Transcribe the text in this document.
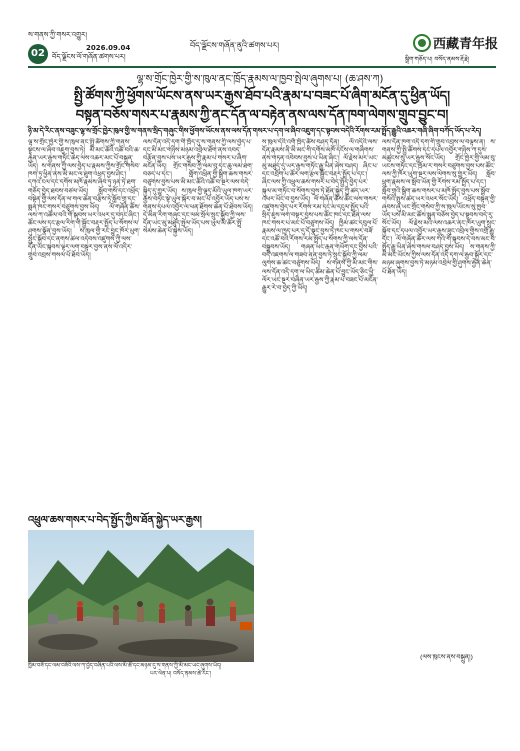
ས་གནས་ཀྱི་གསར་འགྱུར།
02	2026.09.04
བོད་ལྗོངས་ལོ་གཞོན་ཚགས་པར།
བོད་ལྗོངས་གཞོན་ནུའི་ཚགས་པར།	西藏青年报
སྒྲིག་གཅོད་པ། བསོད་ནམས་རྡོ་རྗེ།
ལྷ་ས་གྲོང་ཁྱེར་གྱི་ས་ཁུལ་ནང་ཁྲོད་རྣམས་ལ་ཁྱབ་སྤེལ་ཞུགས་པ། (ཆ་ཤས་ཀ)
སྤྱི་ཚོགས་ཀྱི་ཕྱོགས་ཡོངས་ནས་ཡར་རྒྱས་ཐོབ་པའི་རྣམ་པ་བཟང་པོ་ཞིག་མངོན་དུ་ཕྱིན་ཡོད།
བསྟན་བཅོས་གསར་པ་རྣམས་ཀྱི་ནང་དོན་ལ་བརྟེན་ནས་ལས་དོན་ཁག་ལེགས་གྲུབ་བྱུང་བ།
ཉི་མ་དེ་རིང་ནས་བཟུང་ལྷ་ས་གྲོང་ཁྱེར་ཁུལ་གྱི་ས་གནས་སྲིད་གཞུང་གིས་ཕྱོགས་ཡོངས་ནས་ལས་དོན་གསར་པ་དག་ལ་ཞིབ་འཇུག་དང་སྟབས་བདེའི་རོགས་རམ་སྤྲོད་རྒྱུའི་འཆར་གཞི་ཞིག་བཀོད་ཡོད་པ་རེད།
ལྷ་ས་གྲོང་ཁྱེར་གྱི་ས་ཁུལ་ནང་སྤྱི་ཚོགས་ཀྱི་གནས་སྟངས་ལ་ཞིབ་འཇུག་བྱས་ཏེ། མི་མང་ཚོའི་འཚོ་བའི་ཆ་རྐྱེན་ཡར་རྒྱས་གཏོང་ཆེད་ལས་འཆར་མང་པོ་བསྐྲུན་ཡོད། ས་གནས་ཀྱི་ལས་བྱེད་པ་རྣམས་ཀྱིས་གྲོང་གསེབ་ཁག་ཏུ་ཕྱིན་ནས་མི་མང་ལ་ཐུག་འཕྲད་བྱས་ཤིང་། དཀའ་ངལ་དང་དགོས་མཁོ་རྣམས་ཞིབ་ཏུ་ཉན་ཏེ་ཐག་གཅོད་བྱེད་ཐབས་བཙལ་ཡོད། སློབ་གསོ་དང་འཕྲོད་བསྟེན་གྱི་ལས་དོན་ལ་གལ་ཆེན་བརྩིས་ཏེ་སློབ་གྲྭ་དང་སྨན་ཁང་གསར་བཙུགས་བྱས་ཡོད། ལོ་གཞོན་ཚོས་ལས་ཀ་འཚོལ་བའི་གོ་སྐབས་ཡར་འཕར་དུ་བཏང་ཞིང་། ཚོང་ལས་དང་རྩལ་རིག་གི་སྦྱོང་བརྡར་སྤྲོད་པ་སོགས་ལ་ཤུགས་སྣོན་བྱས་ཡོད། ས་ཁུལ་གྱི་རང་བྱུང་ཁོར་ཡུག་སྲུང་སྐྱོབ་དང་ནགས་ཚལ་འདེབས་འཛུགས་ཀྱི་ལས་དོན་ཡང་སྐབས་ལྟར་ལག་བསྟར་བྱས་ནས་ལོ་འདིར་གྲུབ་འབྲས་གསལ་པོ་ཐོབ་ཡོད།
ལས་དོན་འདི་དག་གི་ཁྲོད་དུ་ས་གནས་ཀྱི་ལས་བྱེད་པ་དང་མི་མང་གཉིས་མཉམ་འབྲེལ་ཐོག་ནས་འབད་བརྩོན་བྱས་པས་ཡར་རྒྱས་ཀྱི་རྣམ་པ་གསར་པ་ཞིག་མངོན་ཡོད། གྲོང་གསེབ་ཀྱི་ལམ་བུ་དང་ཆུ་ལམ་ཐག་བཅད་པ་དང་། གློག་འཕྲིན་གྱི་སྒྲིག་ཆས་གསར་བཙུགས་བྱས་པས་མི་མང་ཚོའི་འཚོ་བ་སྔར་ལས་བདེ་སྐྱིད་དུ་གྱུར་ཡོད། ས་ཁུལ་གྱི་ལྟད་མོའི་ཡུལ་ཁག་ཡར་རྒྱས་བཏང་སྟེ་ཡུལ་སྐོར་བ་མང་པོ་འབྱོར་ཡོད་པས་ས་གནས་དཔལ་འབྱོར་ལ་ཕན་ཐོགས་ཆེན་པོ་ཐེབས་ཡོད། དེ་མིན་རིག་གཞུང་དང་ལམ་སྲོལ་སྲུང་སྐྱོབ་ཀྱི་ལས་དོན་ཡང་མུ་མཐུད་སྤེལ་ཡོད་པས་ཡུལ་མི་ཚོར་སྤྲོ་སེམས་ཆེན་པོ་སྐྱེས་ཡོད།
ས་ཁུལ་དེའི་འགོ་ཁྲིད་ཚོས་བཤད་དོན། ལོ་འདིའི་ལས་དོན་རྣམས་ནི་མི་མང་གི་དགོས་མཁོ་དངོས་ལ་གཞིགས་ནས་གཏན་འབེབས་བྱས་པ་ཡིན་ཞིང་། ལོ་རྗེས་མར་ཡང་མུ་མཐུད་དུ་ཡར་རྒྱས་གཏོང་རྒྱུ་ཡིན་ཞེས་བཤད། ཞིང་པ་དང་འབྲོག་པ་ཚོར་ལག་རྩལ་སྦྱོང་བརྡར་སྤྲོད་པ་དང་། ཞིང་ལས་ཀྱི་འཕྲུལ་ཆས་གསར་པ་བེད་སྤྱོད་བྱེད་པར་སྐུལ་མ་གཏོང་བ་སོགས་བྱས་ཏེ་ཐོན་སྐྱེད་ཀྱི་ཚད་ཡར་འཕར་ཡོང་བ་བྱས་ཡོད། ལོ་གཞོན་ཚོས་ཚོང་ལས་གསར་འཛུགས་བྱེད་པར་རོགས་རམ་དང་མ་དངུལ་སྤྲོད་པའི་སྲིད་ཇུས་ལག་བསྟར་བྱས་པས་ཚོང་ཁང་དང་ཐོན་ལས་ཁང་གསར་པ་མང་པོ་བཙུགས་ཡོད། ཁྱིམ་ཚང་དབུལ་པོ་རྣམས་ལ་ཁྱད་པར་དུ་དོ་སྣང་བྱས་ཏེ་ཁང་པ་གསར་བཟོ་དང་འཚོ་བའི་རོགས་རམ་སྤྲོད་པ་སོགས་ཀྱི་ལས་དོན་བསྒྲུབས་ཡོད། གཞན་ཡང་རྒན་གཡོག་དང་བྱིས་པའི་བདེ་འཇགས་ལ་གཟབ་ནན་བྱས་ཏེ་སྲུང་སྐྱོབ་ཀྱི་ལམ་ལུགས་ཆ་ཚང་བཙུགས་ཡོད། ས་གནས་ཀྱི་མི་མང་གིས་ལས་དོན་འདི་དག་ལ་ཡིད་ཚིམ་ཆེན་པོ་བྱུང་ཡོད་ཅིང་ཕྱི་ལོར་ཡང་སྔར་བཞིན་ཡར་རྒྱས་ཀྱི་རྣམ་པ་བཟང་པོ་མངོན་རྒྱུར་རེ་བ་བྱེད་ཀྱི་ཡོད།
ལས་དོན་ཁག་འདི་དག་གི་གྲུབ་འབྲས་ལ་བལྟས་ན། ས་གནས་ཀྱི་སྤྱི་ཚོགས་དང་དཔལ་འབྱོར་གཉིས་ཀ་དུས་མཚུངས་སུ་ཡར་རྒྱས་སོང་ཡོད། གྲོང་ཁྱེར་གྱི་ལམ་བུ་ཡངས་གཏོང་དང་ཁྲོམ་ར་གསར་བཙུགས་བྱས་པས་ཚོང་ལས་ཀྱི་ཁོར་ཡུག་སྔར་ལས་ལེགས་སུ་གྱུར་ཡོད། སློབ་ཕྲུག་རྣམས་ལ་སློབ་ཡོན་གྱི་རོགས་རམ་སྤྲོད་པ་དང་། སློབ་གྲྭའི་སྒྲིག་ཆས་གསར་པ་མཁོ་སྤྲོད་བྱས་པས་སློབ་གསོའི་སྤུས་ཚད་ཡར་འཕར་སོང་ཡོད། འཕྲོད་བསྟེན་གྱི་ཞབས་ཞུ་ཡང་གྲོང་གསེབ་ཀྱི་ས་ཁུལ་ཡོངས་སུ་ཁྱབ་ཡོད་པས་མི་མང་ཚོས་སྨན་བཅོས་བྱེད་པ་སྟབས་བདེ་རུ་སོང་ཡོད། ལོ་རྗེས་མའི་ལས་འཆར་ནང་ཁོར་ཡུག་སྲུང་སྐྱོབ་དང་དཔལ་འབྱོར་ཡར་རྒྱས་ཟུང་འབྲེལ་གྱིས་འགྲོ་རྒྱུ་དང་། ལོ་གཞོན་ཚོར་ལས་ཀའི་གོ་སྐབས་དེ་བས་མང་བ་སྤྲོད་རྒྱུ་ཡིན་ཞེས་གསལ་བཤད་བྱས་ཡོད། ས་གནས་ཀྱི་མི་མང་ཡོངས་ཀྱིས་ལས་དོན་འདི་དག་ལ་རྒྱབ་སྐྱོར་དང་མཉམ་ཞུགས་བྱས་ཏེ་མཉམ་འབྲེལ་གྱི་ཤུགས་རྐྱེན་ཆེན་པོ་ཐོན་ཡོད།
(ལས་ཁུངས་ནས་བསྐྲུན།)
འཕྲུལ་ཆས་གསར་པ་བེད་སྤྱོད་ཀྱིས་ཐོན་སྐྱེད་ཡར་རྒྱས།
ཁྱིམ་བཟོ་དང་ལམ་བཟོའི་ལས་ཀ་བྱེད་བཞིན་པའི་ལས་མི་ཚོ་དང་མཉམ་དུ་ས་གནས་ཀྱི་མི་མང་ཡང་ཞུགས་ཡོད།
པར་ལེན་པ། བསོད་ནམས་ཚེ་རིང་།
